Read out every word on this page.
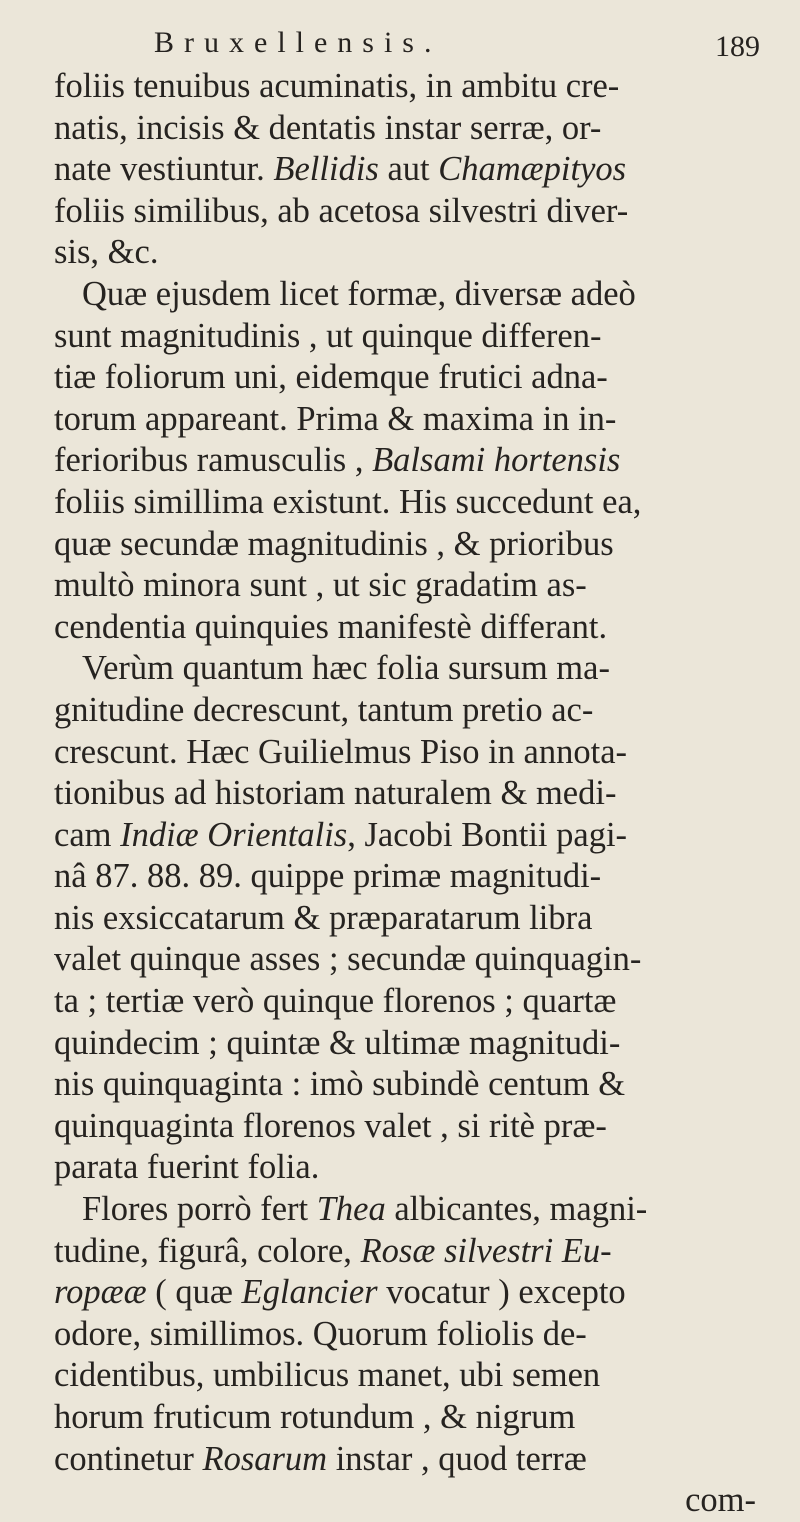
Bruxellensis.	189
foliis tenuibus acuminatis, in ambitu cre-
natis, incisis & dentatis instar serræ, or-
nate vestiuntur. Bellidis aut Chamæpityos
foliis similibus, ab acetosa silvestri diver-
sis, &c.
Quæ ejusdem licet formæ, diversæ adeò
sunt magnitudinis , ut quinque differen-
tiæ foliorum uni, eidemque frutici adna-
torum appareant. Prima & maxima in in-
ferioribus ramusculis , Balsami hortensis
foliis simillima existunt. His succedunt ea,
quæ secundæ magnitudinis , & prioribus
multò minora sunt , ut sic gradatim as-
cendentia quinquies manifestè differant.
Verùm quantum hæc folia sursum ma-
gnitudine decrescunt, tantum pretio ac-
crescunt. Hæc Guilielmus Piso in annota-
tionibus ad historiam naturalem & medi-
cam Indiæ Orientalis, Jacobi Bontii pagi-
nâ 87. 88. 89. quippe primæ magnitudi-
nis exsiccatarum & præparatarum libra
valet quinque asses ; secundæ quinquagin-
ta ; tertiæ verò quinque florenos ; quartæ
quindecim ; quintæ & ultimæ magnitudi-
nis quinquaginta : imò subindè centum &
quinquaginta florenos valet , si ritè præ-
parata fuerint folia.
Flores porrò fert Thea albicantes, magni-
tudine, figurâ, colore, Rosæ silvestri Eu-
ropææ ( quæ Eglancier vocatur ) excepto
odore, simillimos. Quorum foliolis de-
cidentibus, umbilicus manet, ubi semen
horum fruticum rotundum , & nigrum
continetur Rosarum instar , quod terræ
com-
